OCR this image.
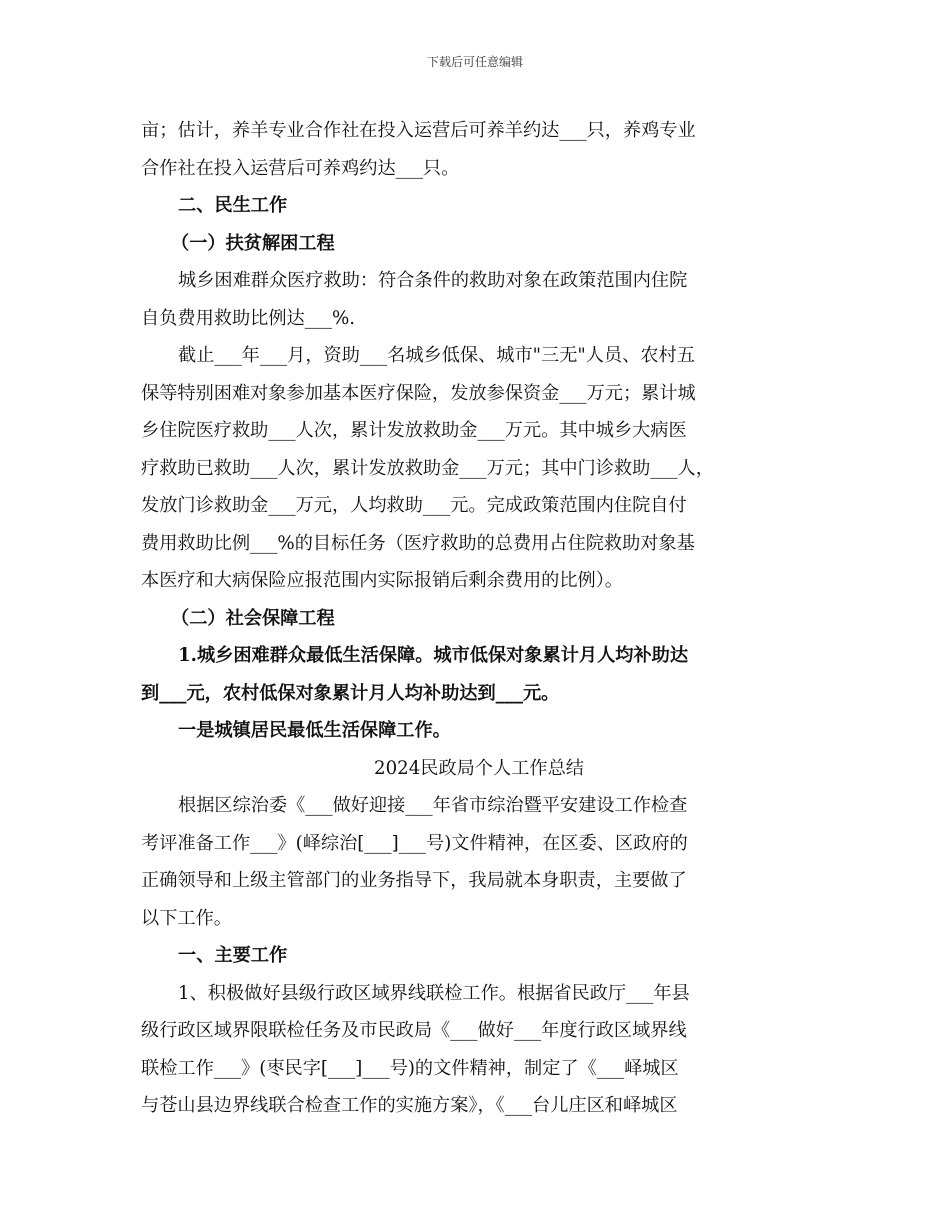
下载后可任意编辑
亩；估计，养羊专业合作社在投入运营后可养羊约达___只，养鸡专业
合作社在投入运营后可养鸡约达___只。
二、民生工作
（一）扶贫解困工程
城乡困难群众医疗救助：符合条件的救助对象在政策范围内住院
自负费用救助比例达___%.
截止___年___月，资助___名城乡低保、城市"三无"人员、农村五
保等特别困难对象参加基本医疗保险，发放参保资金___万元；累计城
乡住院医疗救助___人次，累计发放救助金___万元。其中城乡大病医
疗救助已救助___人次，累计发放救助金___万元；其中门诊救助___人，
发放门诊救助金___万元，人均救助___元。完成政策范围内住院自付
费用救助比例___%的目标任务（医疗救助的总费用占住院救助对象基
本医疗和大病保险应报范围内实际报销后剩余费用的比例）。
（二）社会保障工程
1.城乡困难群众最低生活保障。城市低保对象累计月人均补助达
到___元，农村低保对象累计月人均补助达到___元。
一是城镇居民最低生活保障工作。
2024民政局个人工作总结
根据区综治委《___做好迎接___年省市综治暨平安建设工作检查
考评准备工作___》(峄综治[___]___号)文件精神，在区委、区政府的
正确领导和上级主管部门的业务指导下，我局就本身职责，主要做了
以下工作。
一、主要工作
1、积极做好县级行政区域界线联检工作。根据省民政厅___年县
级行政区域界限联检任务及市民政局《___做好___年度行政区域界线
联检工作___》(枣民字[___]___号)的文件精神，制定了《___峄城区
与苍山县边界线联合检查工作的实施方案》，《___台儿庄区和峄城区
